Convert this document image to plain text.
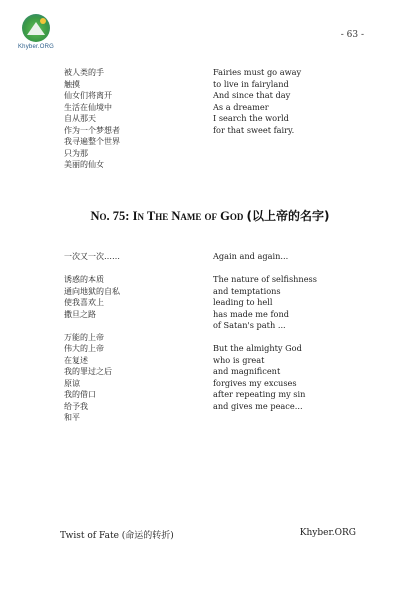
Khyber.ORG
- 63 -
被人类的手
触摸
仙女们将离开
生活在仙境中
自从那天
作为一个梦想者
我寻遍整个世界
只为那
美丽的仙女
Fairies must go away
to live in fairyland
And since that day
As a dreamer
I search the world
for that sweet fairy.
No. 75: In The Name of God (以上帝的名字)
一次又一次……
诱惑的本质
通向地狱的自私
使我喜欢上
撒旦之路
万能的上帝
伟大的上帝
在复述
我的罪过之后
原谅
我的借口
给予我
和平
Again and again...
The nature of selfishness
and temptations
leading to hell
has made me fond
of Satan's path ...
But the almighty God
who is great
and magnificent
forgives my excuses
after repeating my sin
and gives me peace...
Twist of Fate (命运的转折)	Khyber.ORG
